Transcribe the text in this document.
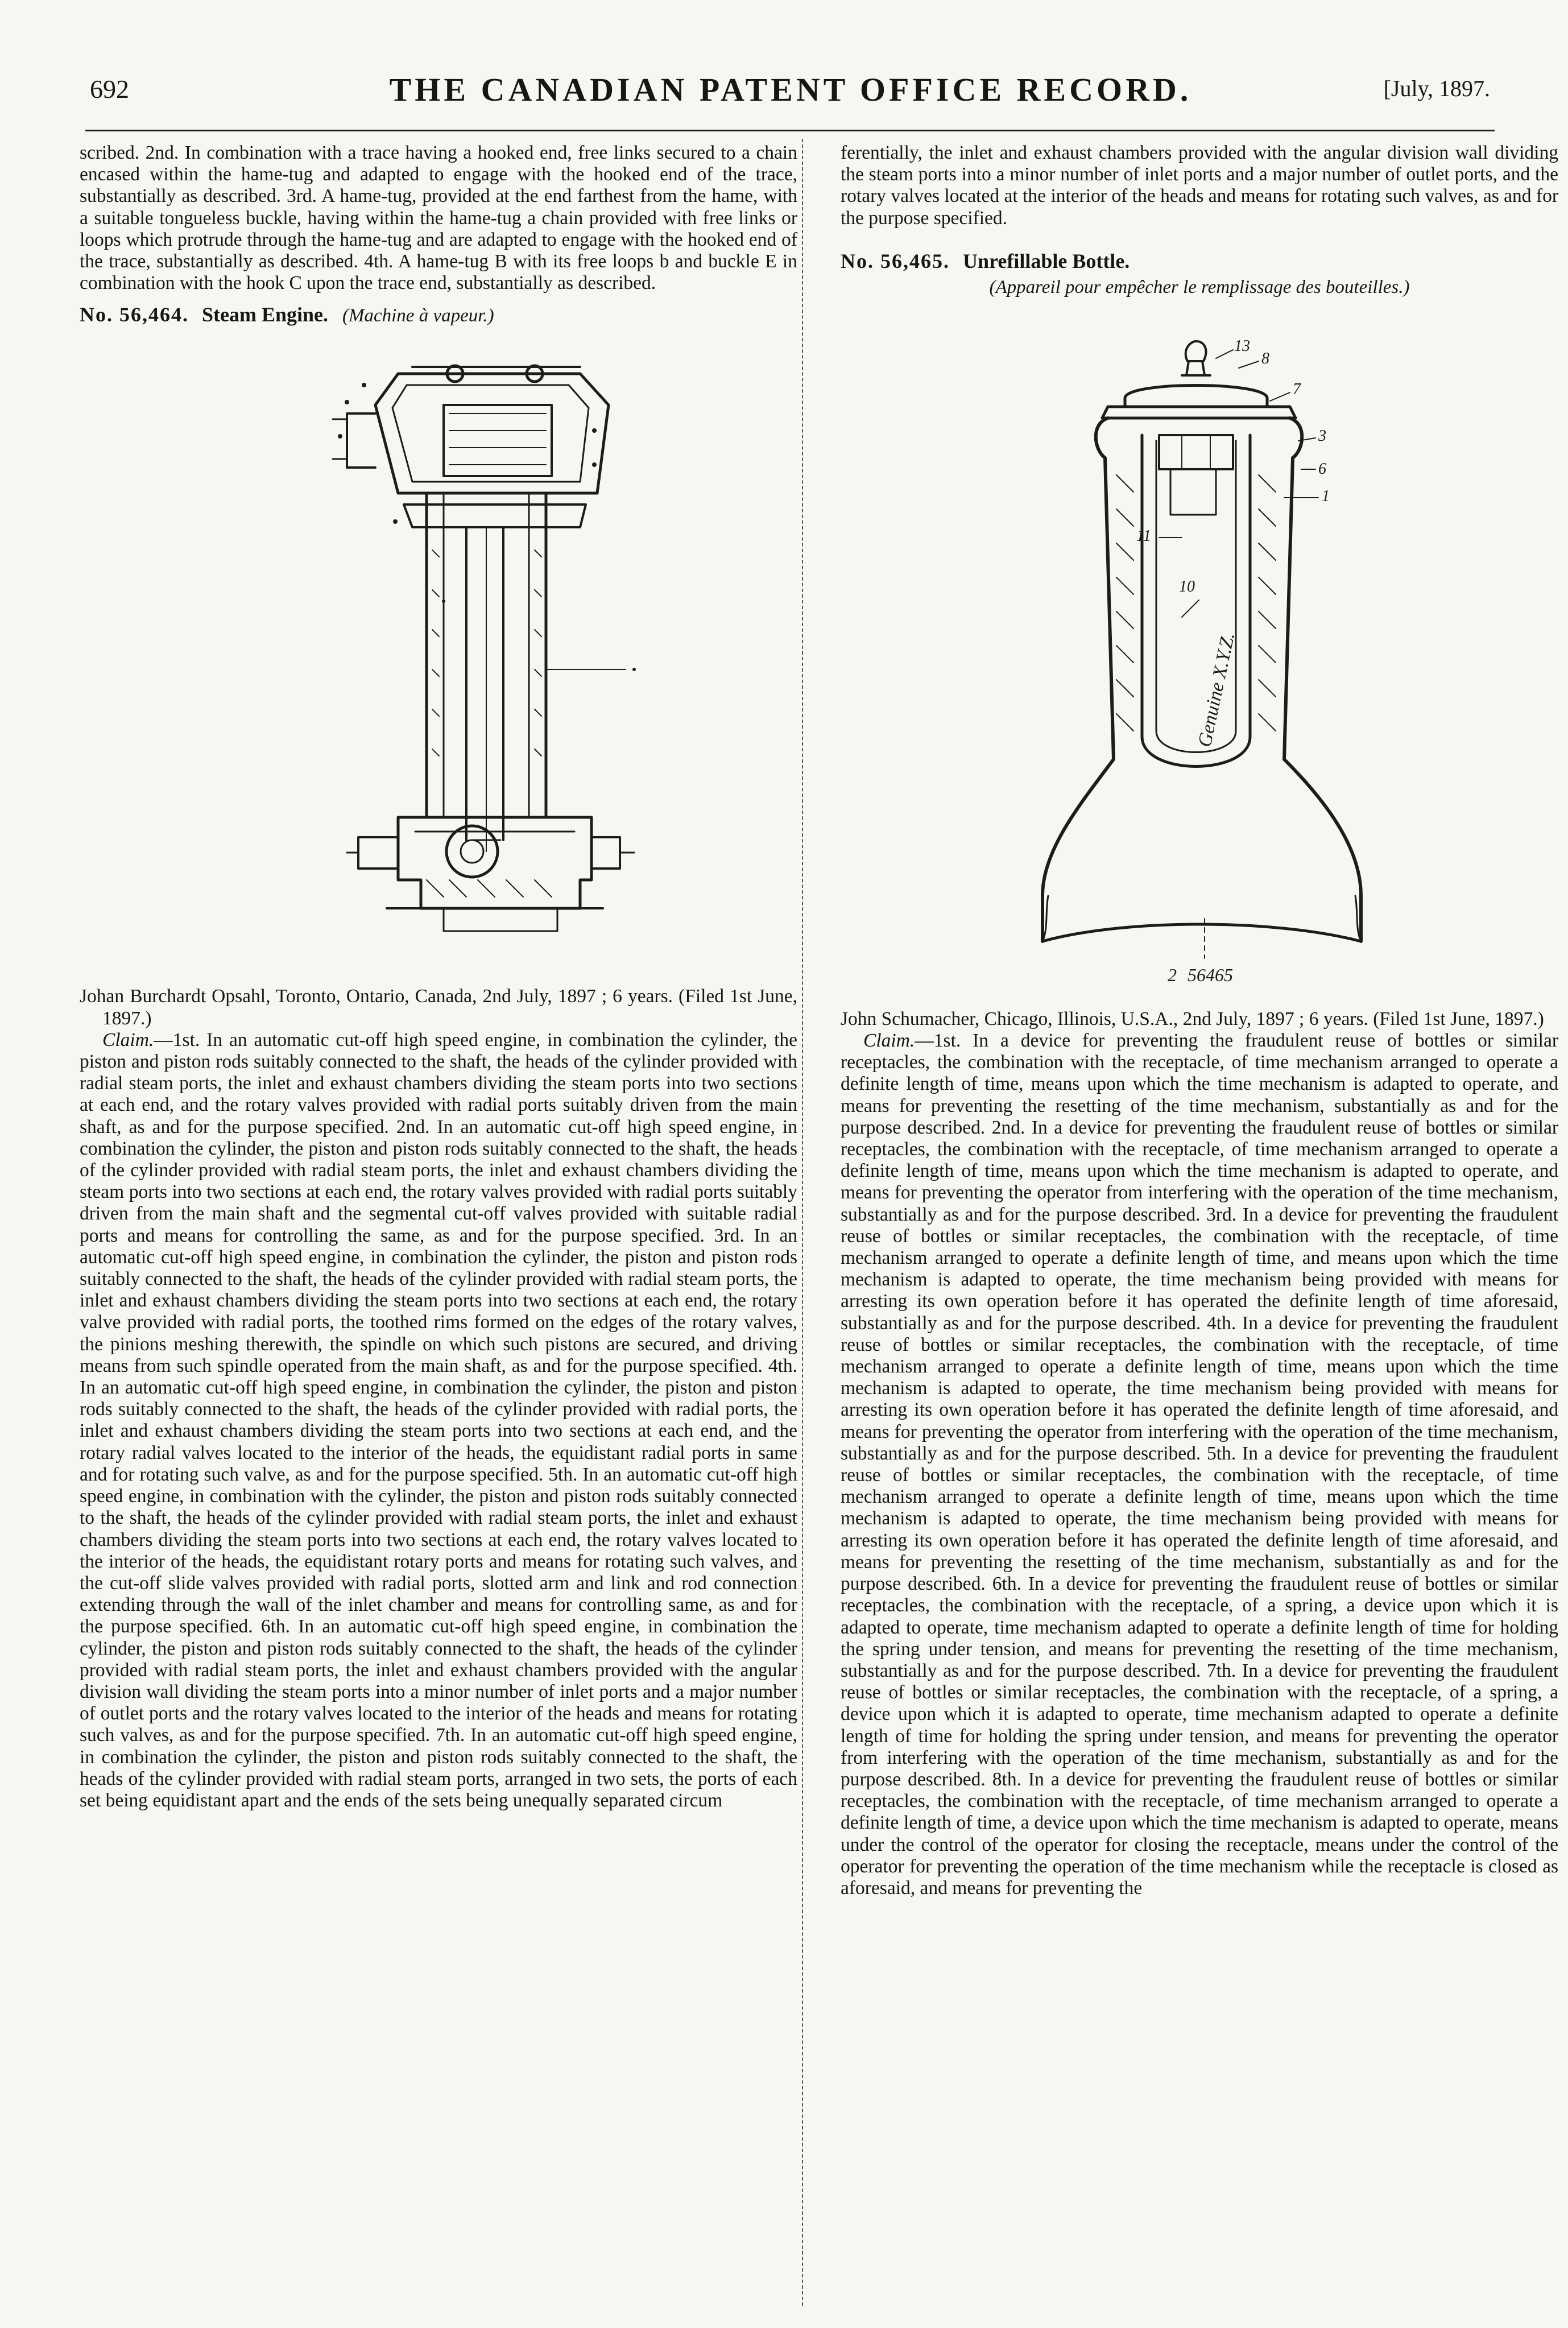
692	THE CANADIAN PATENT OFFICE RECORD.	[July, 1897.

scribed. 2nd. In combination with a trace having a hooked end, free links secured to a chain encased within the hame-tug and adapted to engage with the hooked end of the trace, substantially as described. 3rd. A hame-tug, provided at the end farthest from the hame, with a suitable tongueless buckle, having within the hame-tug a chain provided with free links or loops which protrude through the hame-tug and are adapted to engage with the hooked end of the trace, substantially as described. 4th. A hame-tug B with its free loops b and buckle E in combination with the hook C upon the trace end, substantially as described.

No. 56,464. Steam Engine. (Machine à vapeur.)

Johan Burchardt Opsahl, Toronto, Ontario, Canada, 2nd July, 1897 ; 6 years. (Filed 1st June, 1897.)

Claim.—1st. In an automatic cut-off high speed engine, in combination the cylinder, the piston and piston rods suitably connected to the shaft, the heads of the cylinder provided with radial steam ports, the inlet and exhaust chambers dividing the steam ports into two sections at each end, and the rotary valves provided with radial ports suitably driven from the main shaft, as and for the purpose specified. 2nd. In an automatic cut-off high speed engine, in combination the cylinder, the piston and piston rods suitably connected to the shaft, the heads of the cylinder provided with radial steam ports, the inlet and exhaust chambers dividing the steam ports into two sections at each end, the rotary valves provided with radial ports suitably driven from the main shaft and the segmental cut-off valves provided with suitable radial ports and means for controlling the same, as and for the purpose specified. 3rd. In an automatic cut-off high speed engine, in combination the cylinder, the piston and piston rods suitably connected to the shaft, the heads of the cylinder provided with radial steam ports, the inlet and exhaust chambers dividing the steam ports into two sections at each end, the rotary valve provided with radial ports, the toothed rims formed on the edges of the rotary valves, the pinions meshing therewith, the spindle on which such pistons are secured, and driving means from such spindle operated from the main shaft, as and for the purpose specified. 4th. In an automatic cut-off high speed engine, in combination the cylinder, the piston and piston rods suitably connected to the shaft, the heads of the cylinder provided with radial ports, the inlet and exhaust chambers dividing the steam ports into two sections at each end, and the rotary radial valves located to the interior of the heads, the equidistant radial ports in same and for rotating such valve, as and for the purpose specified. 5th. In an automatic cut-off high speed engine, in combination with the cylinder, the piston and piston rods suitably connected to the shaft, the heads of the cylinder provided with radial steam ports, the inlet and exhaust chambers dividing the steam ports into two sections at each end, the rotary valves located to the interior of the heads, the equidistant rotary ports and means for rotating such valves, and the cut-off slide valves provided with radial ports, slotted arm and link and rod connection extending through the wall of the inlet chamber and means for controlling same, as and for the purpose specified. 6th. In an automatic cut-off high speed engine, in combination the cylinder, the piston and piston rods suitably connected to the shaft, the heads of the cylinder provided with radial steam ports, the inlet and exhaust chambers provided with the angular division wall dividing the steam ports into a minor number of inlet ports and a major number of outlet ports and the rotary valves located to the interior of the heads and means for rotating such valves, as and for the purpose specified. 7th. In an automatic cut-off high speed engine, in combination the cylinder, the piston and piston rods suitably connected to the shaft, the heads of the cylinder provided with radial steam ports, arranged in two sets, the ports of each set being equidistant apart and the ends of the sets being unequally separated circum

ferentially, the inlet and exhaust chambers provided with the angular division wall dividing the steam ports into a minor number of inlet ports and a major number of outlet ports, and the rotary valves located at the interior of the heads and means for rotating such valves, as and for the purpose specified.

No. 56,465. Unrefillable Bottle.

(Appareil pour empêcher le remplissage des bouteilles.)

13
8
7
3
6
1
11
10
Genuine X.Y.Z.
2 56465

John Schumacher, Chicago, Illinois, U.S.A., 2nd July, 1897 ; 6 years. (Filed 1st June, 1897.)

Claim.—1st. In a device for preventing the fraudulent reuse of bottles or similar receptacles, the combination with the receptacle, of time mechanism arranged to operate a definite length of time, means upon which the time mechanism is adapted to operate, and means for preventing the resetting of the time mechanism, substantially as and for the purpose described. 2nd. In a device for preventing the fraudulent reuse of bottles or similar receptacles, the combination with the receptacle, of time mechanism arranged to operate a definite length of time, means upon which the time mechanism is adapted to operate, and means for preventing the operator from interfering with the operation of the time mechanism, substantially as and for the purpose described. 3rd. In a device for preventing the fraudulent reuse of bottles or similar receptacles, the combination with the receptacle, of time mechanism arranged to operate a definite length of time, and means upon which the time mechanism is adapted to operate, the time mechanism being provided with means for arresting its own operation before it has operated the definite length of time aforesaid, substantially as and for the purpose described. 4th. In a device for preventing the fraudulent reuse of bottles or similar receptacles, the combination with the receptacle, of time mechanism arranged to operate a definite length of time, means upon which the time mechanism is adapted to operate, the time mechanism being provided with means for arresting its own operation before it has operated the definite length of time aforesaid, and means for preventing the operator from interfering with the operation of the time mechanism, substantially as and for the purpose described. 5th. In a device for preventing the fraudulent reuse of bottles or similar receptacles, the combination with the receptacle, of time mechanism arranged to operate a definite length of time, means upon which the time mechanism is adapted to operate, the time mechanism being provided with means for arresting its own operation before it has operated the definite length of time aforesaid, and means for preventing the resetting of the time mechanism, substantially as and for the purpose described. 6th. In a device for preventing the fraudulent reuse of bottles or similar receptacles, the combination with the receptacle, of a spring, a device upon which it is adapted to operate, time mechanism adapted to operate a definite length of time for holding the spring under tension, and means for preventing the resetting of the time mechanism, substantially as and for the purpose described. 7th. In a device for preventing the fraudulent reuse of bottles or similar receptacles, the combination with the receptacle, of a spring, a device upon which it is adapted to operate, time mechanism adapted to operate a definite length of time for holding the spring under tension, and means for preventing the operator from interfering with the operation of the time mechanism, substantially as and for the purpose described. 8th. In a device for preventing the fraudulent reuse of bottles or similar receptacles, the combination with the receptacle, of time mechanism arranged to operate a definite length of time, a device upon which the time mechanism is adapted to operate, means under the control of the operator for closing the receptacle, means under the control of the operator for preventing the operation of the time mechanism while the receptacle is closed as aforesaid, and means for preventing the
